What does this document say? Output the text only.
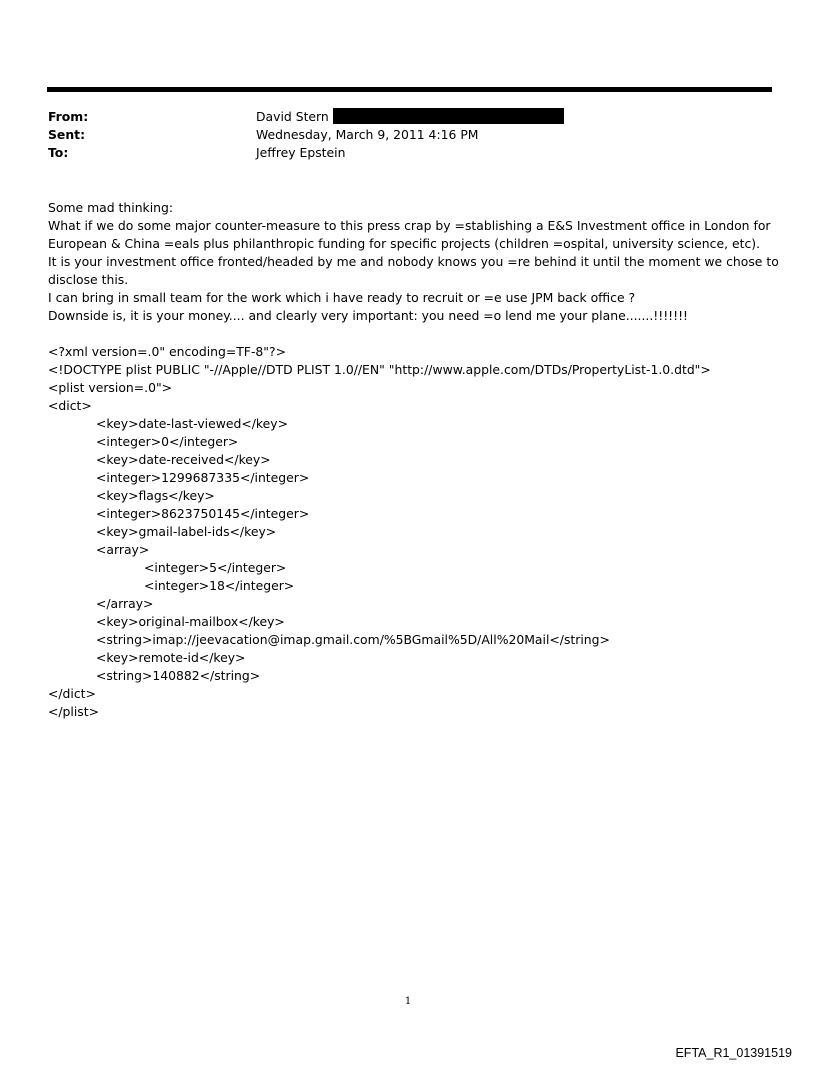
From:	David Stern
Sent:	Wednesday, March 9, 2011 4:16 PM
To:	Jeffrey Epstein
Some mad thinking:
What if we do some major counter-measure to this press crap by =stablishing a E&S Investment office in London for
European & China =eals plus philanthropic funding for specific projects (children =ospital, university science, etc).
It is your investment office fronted/headed by me and nobody knows you =re behind it until the moment we chose to
disclose this.
I can bring in small team for the work which i have ready to recruit or =e use JPM back office ?
Downside is, it is your money.... and clearly very important: you need =o lend me your plane.......!!!!!!!
<?xml version=.0" encoding=TF-8"?>
<!DOCTYPE plist PUBLIC "-//Apple//DTD PLIST 1.0//EN" "http://www.apple.com/DTDs/PropertyList-1.0.dtd">
<plist version=.0">
<dict>
<key>date-last-viewed</key>
<integer>0</integer>
<key>date-received</key>
<integer>1299687335</integer>
<key>flags</key>
<integer>8623750145</integer>
<key>gmail-label-ids</key>
<array>
<integer>5</integer>
<integer>18</integer>
</array>
<key>original-mailbox</key>
<string>imap://jeevacation@imap.gmail.com/%5BGmail%5D/All%20Mail</string>
<key>remote-id</key>
<string>140882</string>
</dict>
</plist>
1
EFTA_R1_01391519
